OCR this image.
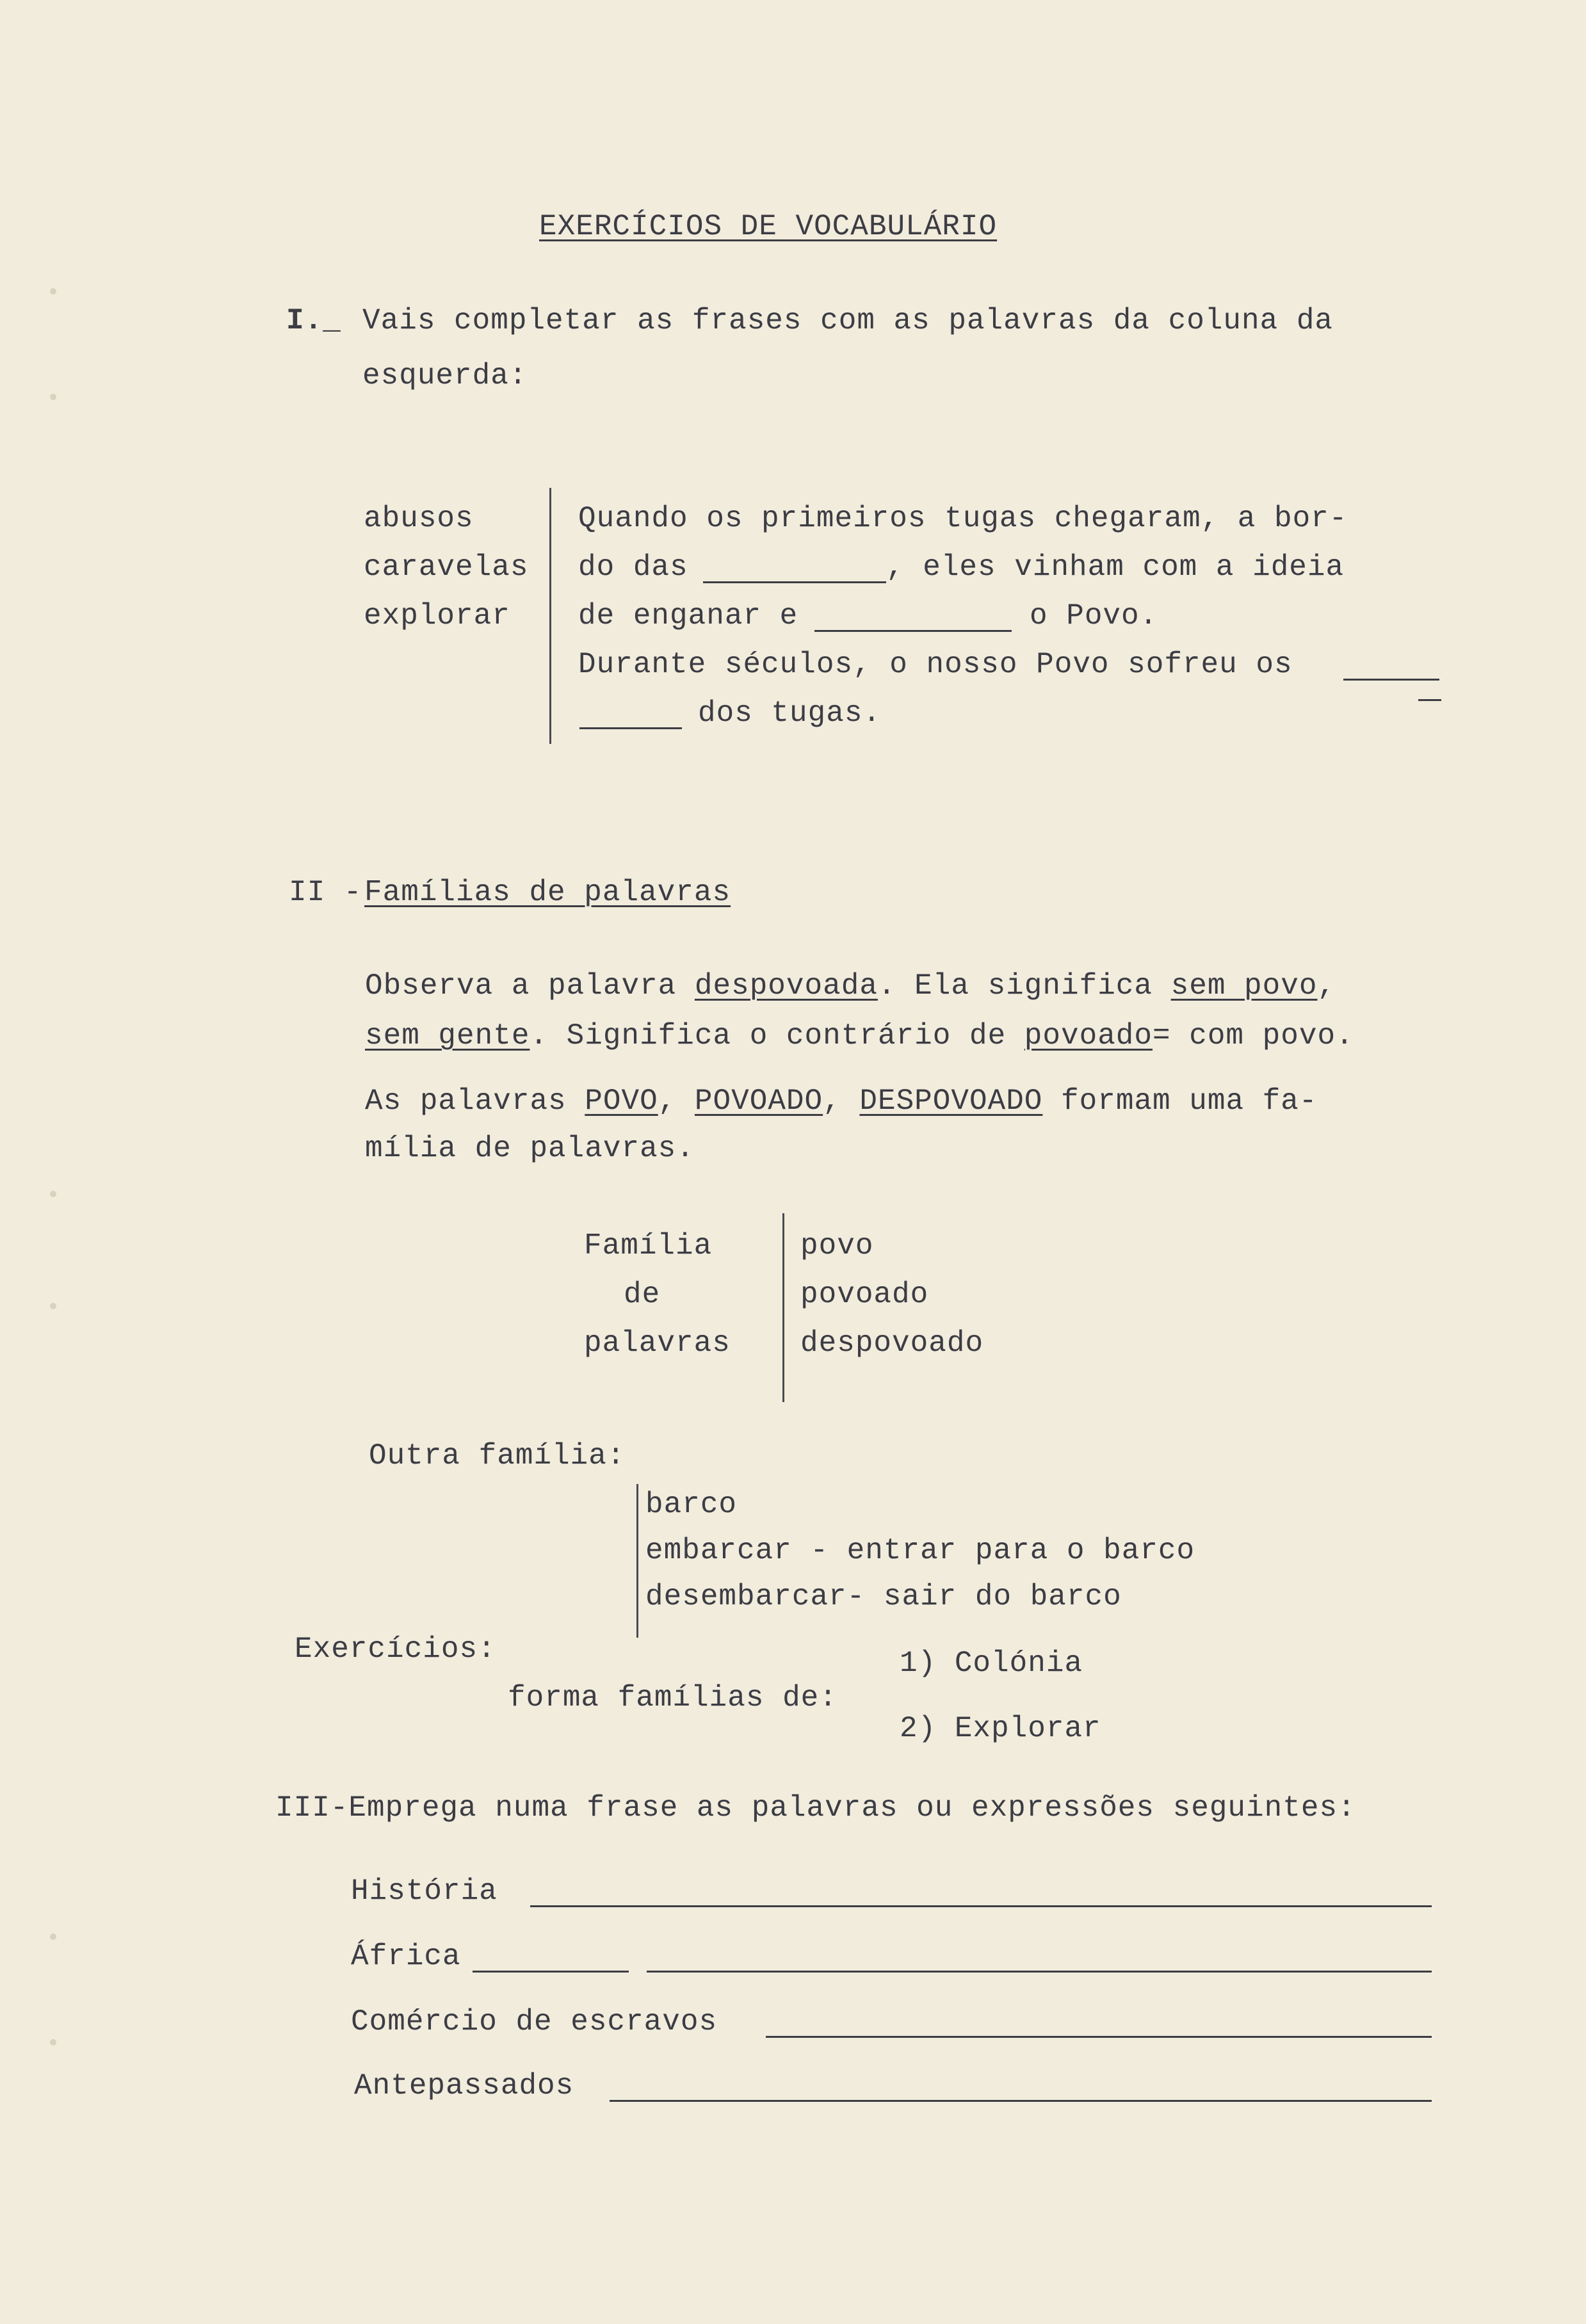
EXERCÍCIOS DE VOCABULÁRIO
I._ Vais completar as frases com as palavras da coluna da
esquerda:
abusos
caravelas
explorar
Quando os primeiros tugas chegaram, a bor-
do das	, eles vinham com a ideia
de enganar e	o Povo.
Durante séculos, o nosso Povo sofreu os
dos tugas.
II - Famílias de palavras
Observa a palavra despovoada. Ela significa sem povo,
sem gente. Significa o contrário de povoado= com povo.
As palavras POVO, POVOADO, DESPOVOADO formam uma fa-
mília de palavras.
Família
de
palavras
povo
povoado
despovoado
Outra família:
barco
embarcar - entrar para o barco
desembarcar- sair do barco
Exercícios:
forma famílias de:
1) Colónia
2) Explorar
III-Emprega numa frase as palavras ou expressões seguintes:
História
África
Comércio de escravos
Antepassados
